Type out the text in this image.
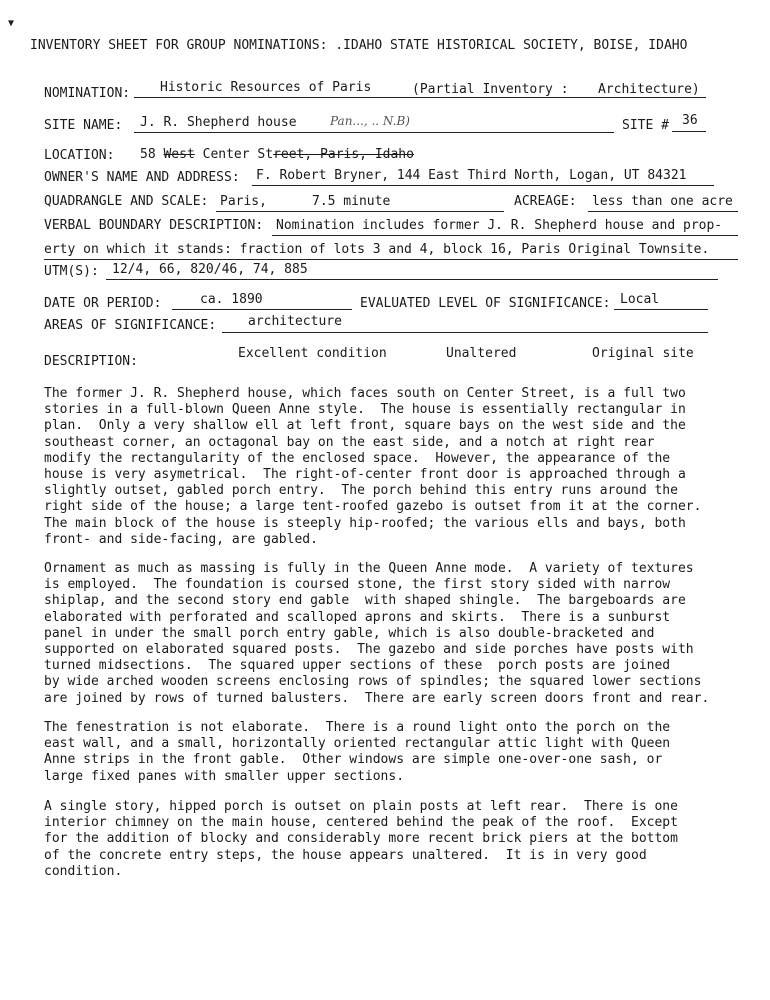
▼
INVENTORY SHEET FOR GROUP NOMINATIONS: .IDAHO STATE HISTORICAL SOCIETY, BOISE, IDAHO
NOMINATION: Historic Resources of Paris	(Partial Inventory : Architecture)
SITE NAME: J. R. Shepherd house	Pan..., .. N.B)	SITE # 36
LOCATION: 58 West Center Street, Paris, Idaho
OWNER'S NAME AND ADDRESS: F. Robert Bryner, 144 East Third North, Logan, UT 84321
QUADRANGLE AND SCALE: Paris,	7.5 minute	ACREAGE: less than one acre
VERBAL BOUNDARY DESCRIPTION: Nomination includes former J. R. Shepherd house and prop-
erty on which it stands: fraction of lots 3 and 4, block 16, Paris Original Townsite.
UTM(S): 12/4, 66, 820/46, 74, 885
DATE OR PERIOD:	ca. 1890	EVALUATED LEVEL OF SIGNIFICANCE: Local
AREAS OF SIGNIFICANCE: architecture
DESCRIPTION:
Excellent condition	Unaltered	Original site

The former J. R. Shepherd house, which faces south on Center Street, is a full two
stories in a full-blown Queen Anne style.  The house is essentially rectangular in
plan.  Only a very shallow ell at left front, square bays on the west side and the
southeast corner, an octagonal bay on the east side, and a notch at right rear
modify the rectangularity of the enclosed space.  However, the appearance of the
house is very asymetrical.  The right-of-center front door is approached through a
slightly outset, gabled porch entry.  The porch behind this entry runs around the
right side of the house; a large tent-roofed gazebo is outset from it at the corner.
The main block of the house is steeply hip-roofed; the various ells and bays, both
front- and side-facing, are gabled.

Ornament as much as massing is fully in the Queen Anne mode.  A variety of textures
is employed.  The foundation is coursed stone, the first story sided with narrow
shiplap, and the second story end gable  with shaped shingle.  The bargeboards are
elaborated with perforated and scalloped aprons and skirts.  There is a sunburst
panel in under the small porch entry gable, which is also double-bracketed and
supported on elaborated squared posts.  The gazebo and side porches have posts with
turned midsections.  The squared upper sections of these  porch posts are joined
by wide arched wooden screens enclosing rows of spindles; the squared lower sections
are joined by rows of turned balusters.  There are early screen doors front and rear.

The fenestration is not elaborate.  There is a round light onto the porch on the
east wall, and a small, horizontally oriented rectangular attic light with Queen
Anne strips in the front gable.  Other windows are simple one-over-one sash, or
large fixed panes with smaller upper sections.

A single story, hipped porch is outset on plain posts at left rear.  There is one
interior chimney on the main house, centered behind the peak of the roof.  Except
for the addition of blocky and considerably more recent brick piers at the bottom
of the concrete entry steps, the house appears unaltered.  It is in very good
condition.
